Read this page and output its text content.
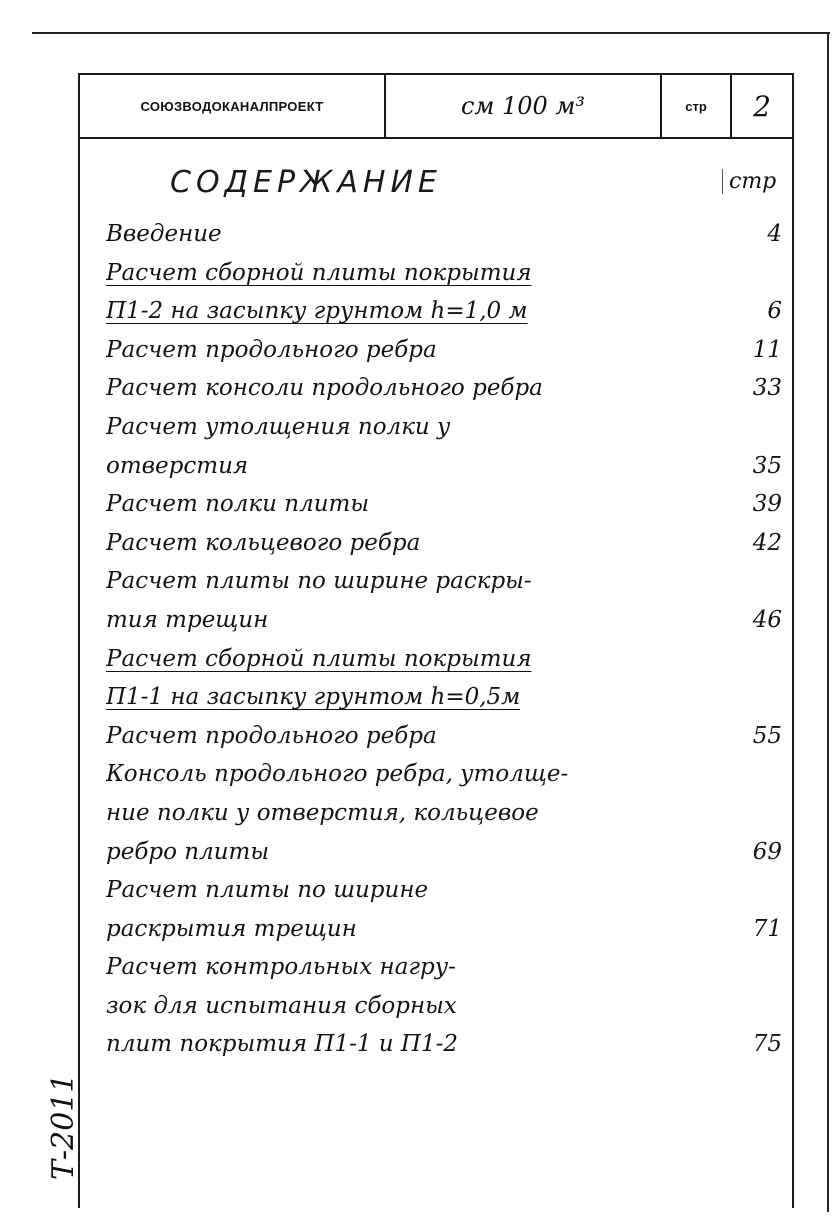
СОЮЗВОДОКАНАЛПРОЕКТ	см 100 м³	стр	2
СОДЕРЖАНИЕ	стр
Введение	4
Расчет сборной плиты покрытия
П1-2 на засыпку грунтом h=1,0 м	6
Расчет продольного ребра	11
Расчет консоли продольного ребра	33
Расчет утолщения полки у
отверстия	35
Расчет полки плиты	39
Расчет кольцевого ребра	42
Расчет плиты по ширине раскры-
тия трещин	46
Расчет сборной плиты покрытия
П1-1 на засыпку грунтом h=0,5м
Расчет продольного ребра	55
Консоль продольного ребра, утолще-
ние полки у отверстия, кольцевое
ребро плиты	69
Расчет плиты по ширине
раскрытия трещин	71
Расчет контрольных нагру-
зок для испытания сборных
плит покрытия П1-1 и П1-2	75
Т-2011
